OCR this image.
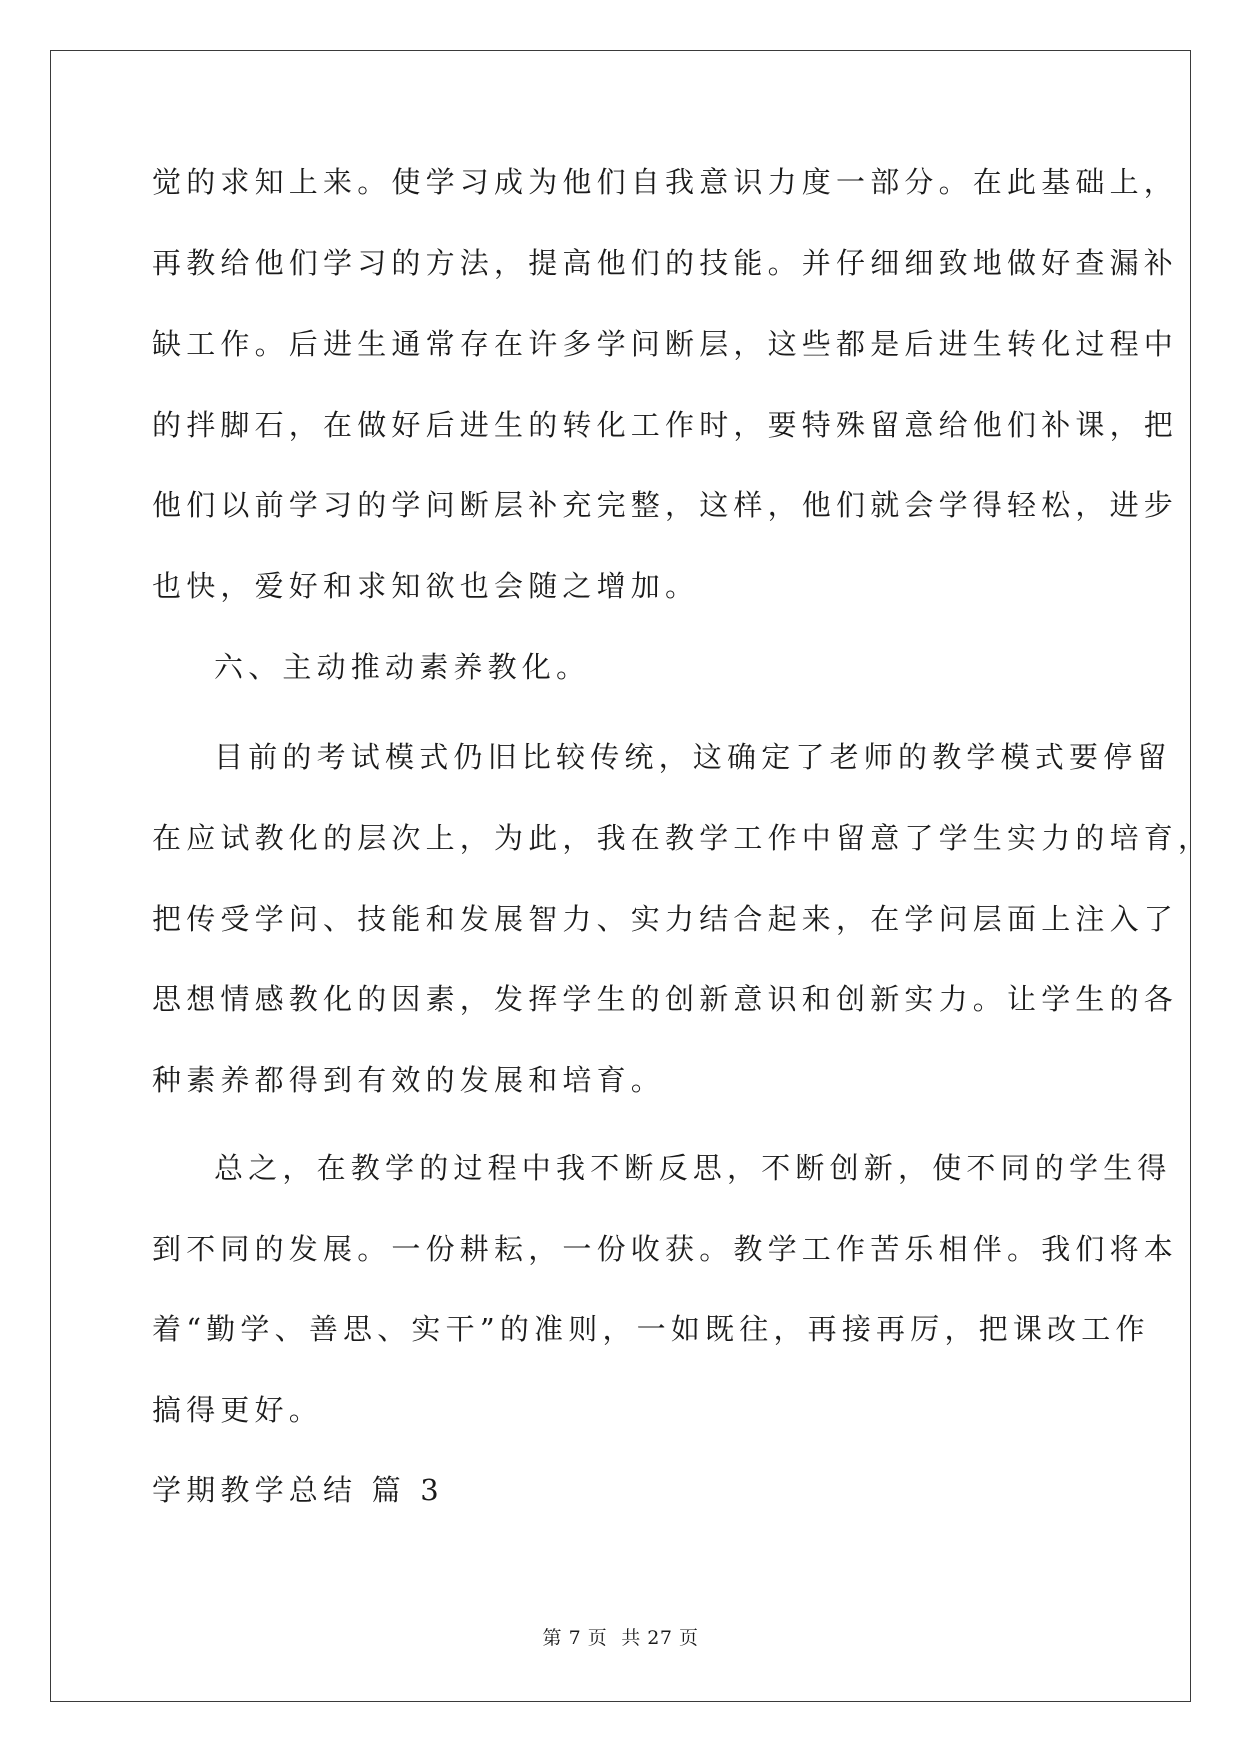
觉的求知上来。使学习成为他们自我意识力度一部分。在此基础上，
再教给他们学习的方法，提高他们的技能。并仔细细致地做好查漏补
缺工作。后进生通常存在许多学问断层，这些都是后进生转化过程中
的拌脚石，在做好后进生的转化工作时，要特殊留意给他们补课，把
他们以前学习的学问断层补充完整，这样，他们就会学得轻松，进步
也快，爱好和求知欲也会随之增加。
六、主动推动素养教化。
目前的考试模式仍旧比较传统，这确定了老师的教学模式要停留
在应试教化的层次上，为此，我在教学工作中留意了学生实力的培育，
把传受学问、技能和发展智力、实力结合起来，在学问层面上注入了
思想情感教化的因素，发挥学生的创新意识和创新实力。让学生的各
种素养都得到有效的发展和培育。
总之，在教学的过程中我不断反思，不断创新，使不同的学生得
到不同的发展。一份耕耘，一份收获。教学工作苦乐相伴。我们将本
着“勤学、善思、实干”的准则，一如既往，再接再厉，把课改工作
搞得更好。
学期教学总结 篇 3
第 7 页 共 27 页
